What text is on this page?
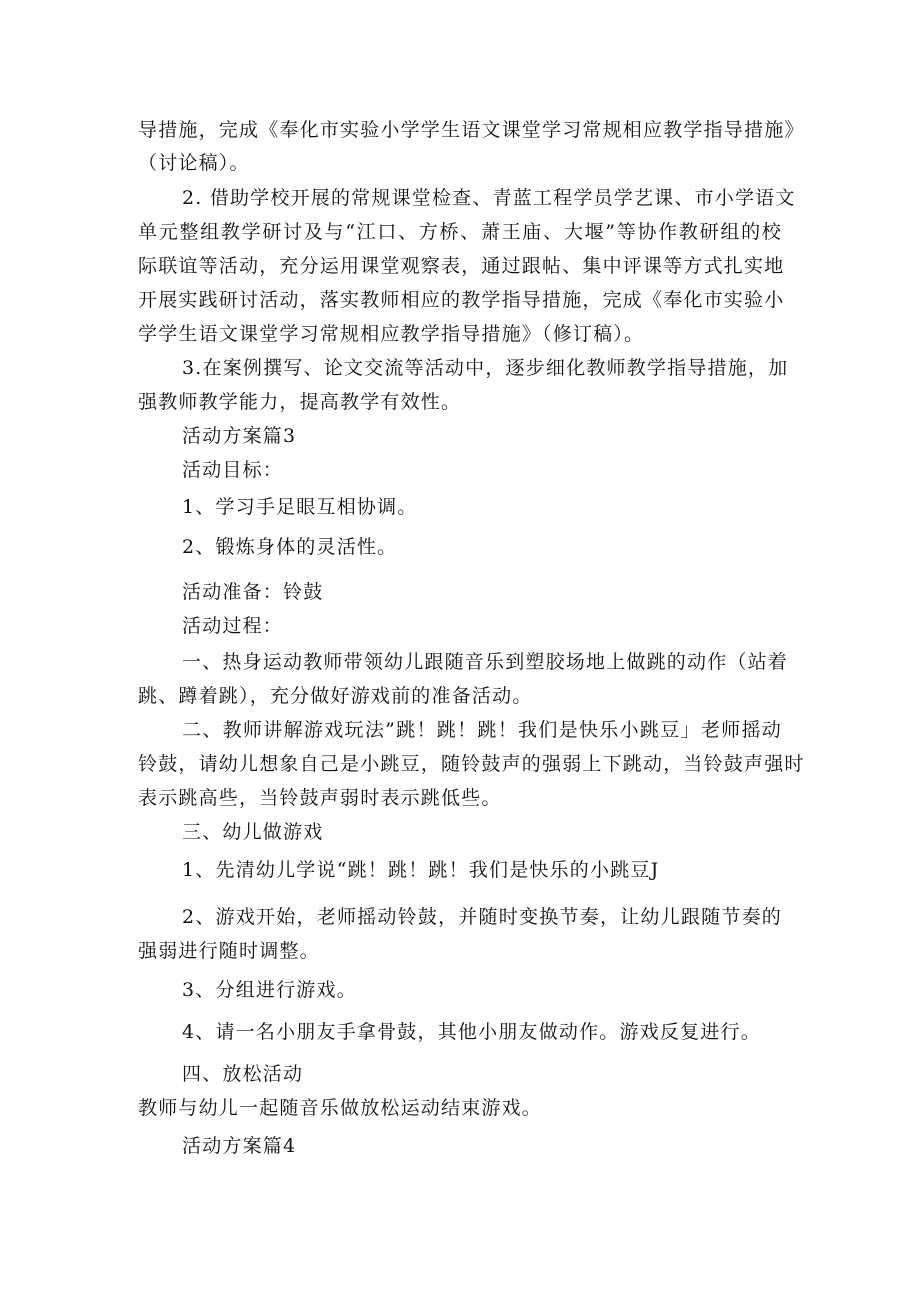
导措施，完成《奉化市实验小学学生语文课堂学习常规相应教学指导措施》
（讨论稿）。
2. 借助学校开展的常规课堂检查、青蓝工程学员学艺课、市小学语文
单元整组教学研讨及与“江口、方桥、萧王庙、大堰”等协作教研组的校
际联谊等活动，充分运用课堂观察表，通过跟帖、集中评课等方式扎实地
开展实践研讨活动，落实教师相应的教学指导措施，完成《奉化市实验小
学学生语文课堂学习常规相应教学指导措施》（修订稿）。
3.在案例撰写、论文交流等活动中，逐步细化教师教学指导措施，加
强教师教学能力，提高教学有效性。
活动方案篇3
活动目标：
1、学习手足眼互相协调。
2、锻炼身体的灵活性。
活动准备：铃鼓
活动过程：
一、热身运动教师带领幼儿跟随音乐到塑胶场地上做跳的动作（站着
跳、蹲着跳），充分做好游戏前的准备活动。
二、教师讲解游戏玩法”跳！跳！跳！我们是快乐小跳豆」老师摇动
铃鼓，请幼儿想象自己是小跳豆，随铃鼓声的强弱上下跳动，当铃鼓声强时
表示跳高些，当铃鼓声弱时表示跳低些。
三、幼儿做游戏
1、先清幼儿学说“跳！跳！跳！我们是快乐的小跳豆J
2、游戏开始，老师摇动铃鼓，并随时变换节奏，让幼儿跟随节奏的
强弱进行随时调整。
3、分组进行游戏。
4、请一名小朋友手拿骨鼓，其他小朋友做动作。游戏反复进行。
四、放松活动
教师与幼儿一起随音乐做放松运动结束游戏。
活动方案篇4
